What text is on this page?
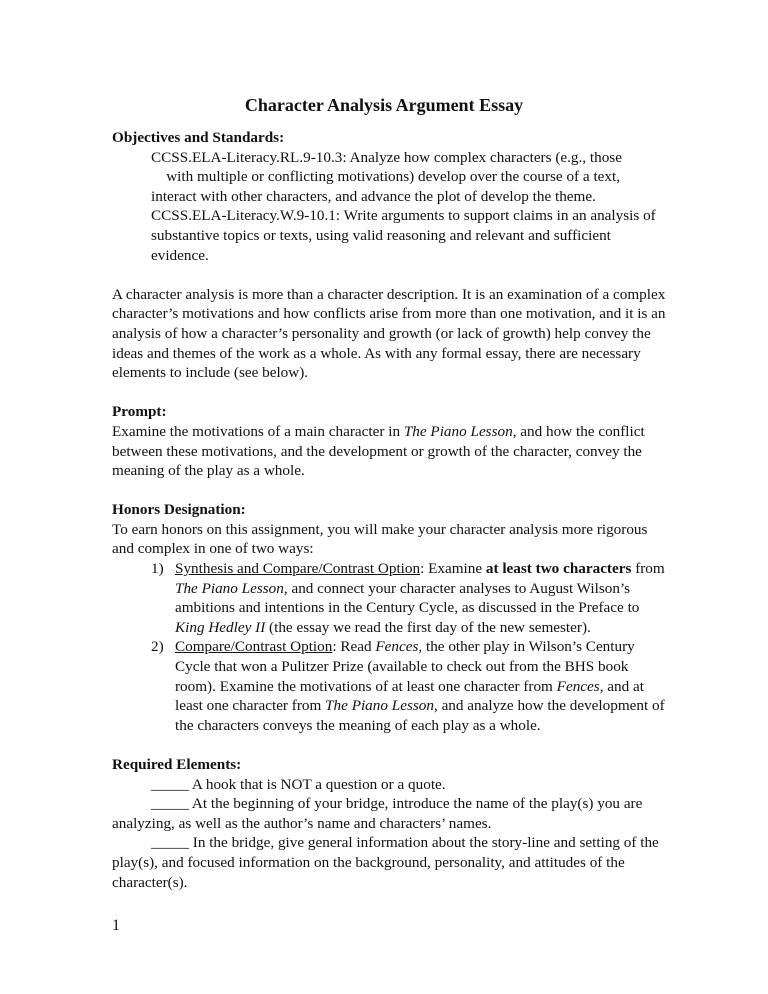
Character Analysis Argument Essay
Objectives and Standards:
CCSS.ELA-Literacy.RL.9-10.3: Analyze how complex characters (e.g., those     with multiple or conflicting motivations) develop over the course of a text, interact with other characters, and advance the plot of develop the theme.
CCSS.ELA-Literacy.W.9-10.1: Write arguments to support claims in an analysis of substantive topics or texts, using valid reasoning and relevant and sufficient evidence.
A character analysis is more than a character description. It is an examination of a complex character’s motivations and how conflicts arise from more than one motivation, and it is an analysis of how a character’s personality and growth (or lack of growth) help convey the ideas and themes of the work as a whole. As with any formal essay, there are necessary elements to include (see below).
Prompt:
Examine the motivations of a main character in The Piano Lesson, and how the conflict between these motivations, and the development or growth of the character, convey the meaning of the play as a whole.
Honors Designation:
To earn honors on this assignment, you will make your character analysis more rigorous and complex in one of two ways:
1) Synthesis and Compare/Contrast Option: Examine at least two characters from The Piano Lesson, and connect your character analyses to August Wilson’s ambitions and intentions in the Century Cycle, as discussed in the Preface to King Hedley II (the essay we read the first day of the new semester).
2) Compare/Contrast Option: Read Fences, the other play in Wilson’s Century Cycle that won a Pulitzer Prize (available to check out from the BHS book room). Examine the motivations of at least one character from Fences, and at least one character from The Piano Lesson, and analyze how the development of the characters conveys the meaning of each play as a whole.
Required Elements:
_____ A hook that is NOT a question or a quote.
_____ At the beginning of your bridge, introduce the name of the play(s) you are analyzing, as well as the author’s name and characters’ names.
_____ In the bridge, give general information about the story-line and setting of the play(s), and focused information on the background, personality, and attitudes of the character(s).
1
